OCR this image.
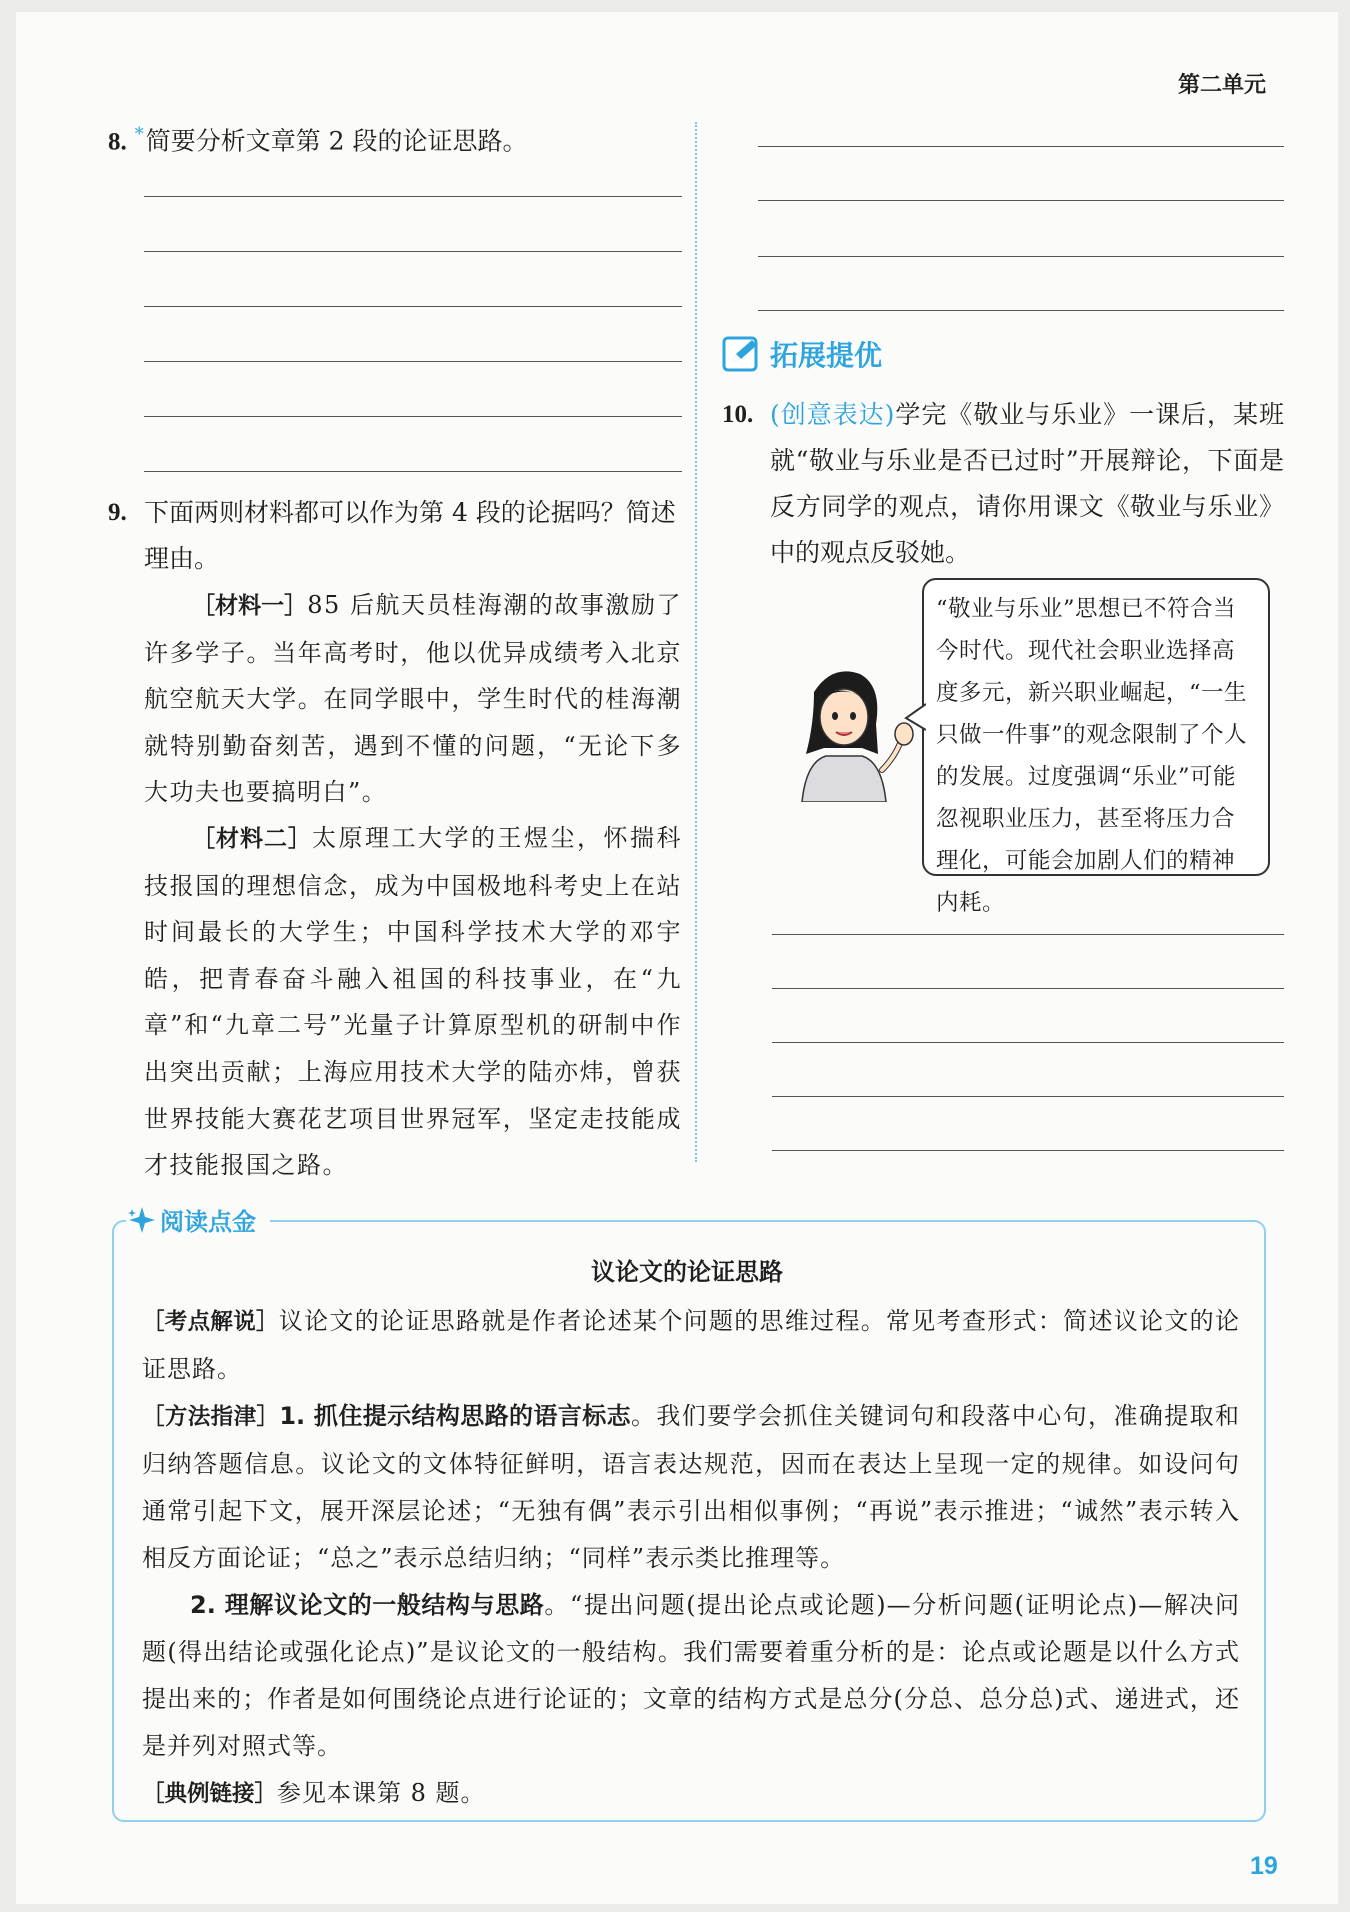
第二单元
8. *简要分析文章第 2 段的论证思路。
9. 下面两则材料都可以作为第 4 段的论据吗？简述理由。
［材料一］85 后航天员桂海潮的故事激励了许多学子。当年高考时，他以优异成绩考入北京航空航天大学。在同学眼中，学生时代的桂海潮就特别勤奋刻苦，遇到不懂的问题，“无论下多大功夫也要搞明白”。
［材料二］太原理工大学的王煜尘，怀揣科技报国的理想信念，成为中国极地科考史上在站时间最长的大学生；中国科学技术大学的邓宇皓，把青春奋斗融入祖国的科技事业，在“九章”和“九章二号”光量子计算原型机的研制中作出突出贡献；上海应用技术大学的陆亦炜，曾获世界技能大赛花艺项目世界冠军，坚定走技能成才技能报国之路。
拓展提优
10. (创意表达)学完《敬业与乐业》一课后，某班就“敬业与乐业是否已过时”开展辩论，下面是反方同学的观点，请你用课文《敬业与乐业》中的观点反驳她。
“敬业与乐业”思想已不符合当今时代。现代社会职业选择高度多元，新兴职业崛起，“一生只做一件事”的观念限制了个人的发展。过度强调“乐业”可能忽视职业压力，甚至将压力合理化，可能会加剧人们的精神内耗。
阅读点金
议论文的论证思路
［考点解说］议论文的论证思路就是作者论述某个问题的思维过程。常见考查形式：简述议论文的论证思路。
［方法指津］1. 抓住提示结构思路的语言标志。我们要学会抓住关键词句和段落中心句，准确提取和归纳答题信息。议论文的文体特征鲜明，语言表达规范，因而在表达上呈现一定的规律。如设问句通常引起下文，展开深层论述；“无独有偶”表示引出相似事例；“再说”表示推进；“诚然”表示转入相反方面论证；“总之”表示总结归纳；“同样”表示类比推理等。
2. 理解议论文的一般结构与思路。“提出问题(提出论点或论题)—分析问题(证明论点)—解决问题(得出结论或强化论点)”是议论文的一般结构。我们需要着重分析的是：论点或论题是以什么方式提出来的；作者是如何围绕论点进行论证的；文章的结构方式是总分(分总、总分总)式、递进式，还是并列对照式等。
［典例链接］参见本课第 8 题。
19
